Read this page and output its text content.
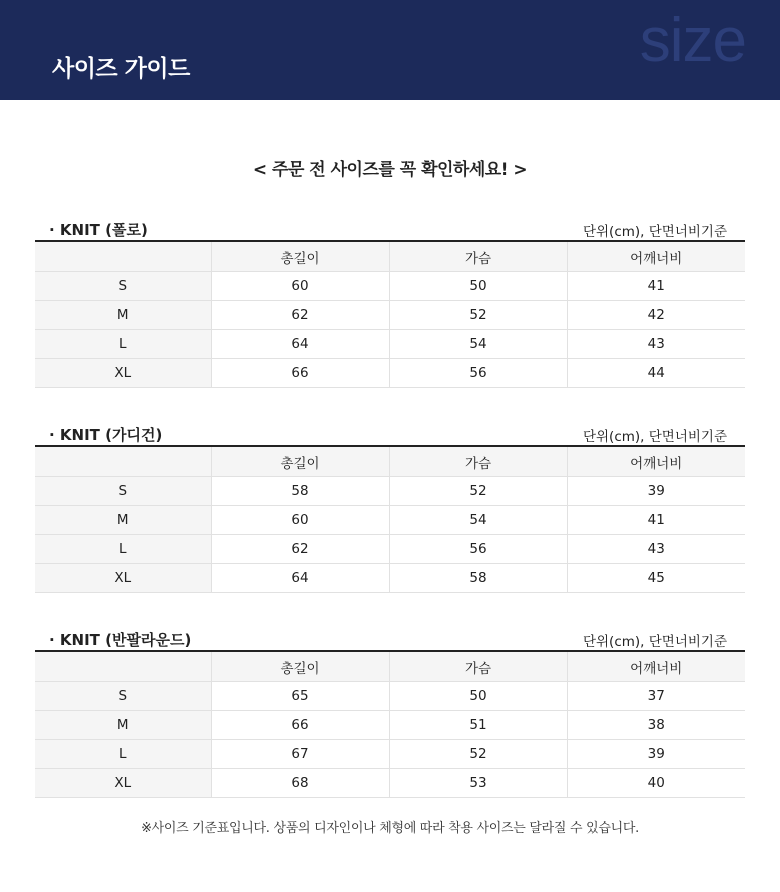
사이즈 가이드	size
< 주문 전 사이즈를 꼭 확인하세요! >
· KNIT (폴로)	단위(cm), 단면너비기준
	총길이	가슴	어깨너비
S	60	50	41
M	62	52	42
L	64	54	43
XL	66	56	44
· KNIT (가디건)	단위(cm), 단면너비기준
	총길이	가슴	어깨너비
S	58	52	39
M	60	54	41
L	62	56	43
XL	64	58	45
· KNIT (반팔라운드)	단위(cm), 단면너비기준
	총길이	가슴	어깨너비
S	65	50	37
M	66	51	38
L	67	52	39
XL	68	53	40
※사이즈 기준표입니다. 상품의 디자인이나 체형에 따라 착용 사이즈는 달라질 수 있습니다.
